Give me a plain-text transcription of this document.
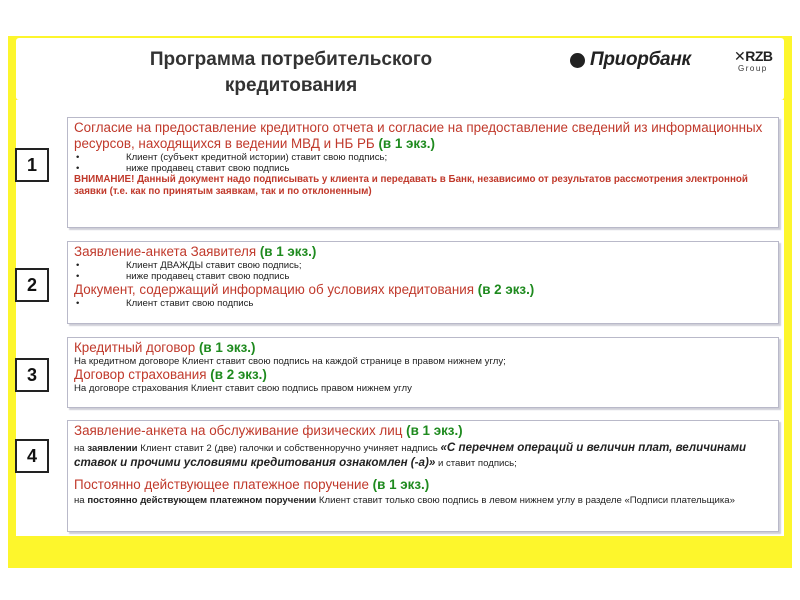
Программа потребительского
кредитования
Приорбанк	✕RZB
Group
1
Согласие на предоставление кредитного отчета и согласие на предоставление сведений из информационных ресурсов, находящихся в ведении МВД и НБ РБ (в 1 экз.)
• Клиент (субъект кредитной истории) ставит свою подпись;
• ниже продавец ставит свою подпись
ВНИМАНИЕ! Данный документ надо подписывать у клиента и передавать в Банк, независимо от результатов рассмотрения электронной заявки (т.е. как по принятым заявкам, так и по отклоненным)
2
Заявление-анкета Заявителя (в 1 экз.)
• Клиент ДВАЖДЫ ставит свою подпись;
• ниже продавец ставит свою подпись
Документ, содержащий информацию об условиях кредитования (в 2 экз.)
• Клиент ставит свою подпись
3
Кредитный договор (в 1 экз.)
На кредитном договоре Клиент ставит свою подпись на каждой странице в правом нижнем углу;
Договор страхования (в 2 экз.)
На договоре страхования Клиент ставит свою подпись правом нижнем углу
4
Заявление-анкета на обслуживание физических лиц (в 1 экз.)
на заявлении Клиент ставит 2 (две) галочки и собственноручно учиняет надпись «С перечнем операций и величин плат, величинами ставок и прочими условиями кредитования ознакомлен (-а)» и ставит подпись;
Постоянно действующее платежное поручение (в 1 экз.)
на постоянно действующем платежном поручении Клиент ставит только свою подпись в левом нижнем углу в разделе «Подписи плательщика»
